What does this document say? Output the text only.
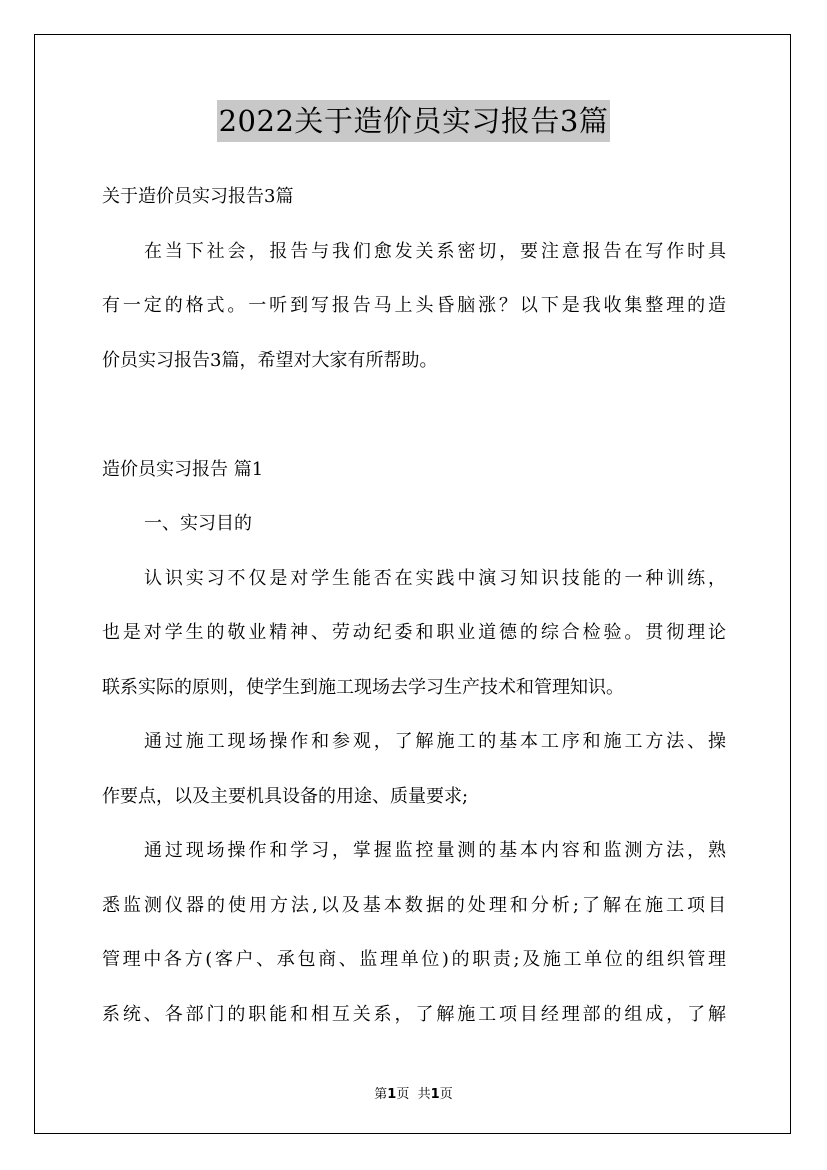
2022关于造价员实习报告3篇
关于造价员实习报告3篇
在当下社会，报告与我们愈发关系密切，要注意报告在写作时具
有一定的格式。一听到写报告马上头昏脑涨？以下是我收集整理的造
价员实习报告3篇，希望对大家有所帮助。
造价员实习报告 篇1
一、实习目的
认识实习不仅是对学生能否在实践中演习知识技能的一种训练，
也是对学生的敬业精神、劳动纪委和职业道德的综合检验。贯彻理论
联系实际的原则，使学生到施工现场去学习生产技术和管理知识。
通过施工现场操作和参观，了解施工的基本工序和施工方法、操
作要点，以及主要机具设备的用途、质量要求;
通过现场操作和学习，掌握监控量测的基本内容和监测方法，熟
悉监测仪器的使用方法,以及基本数据的处理和分析;了解在施工项目
管理中各方(客户、承包商、监理单位)的职责;及施工单位的组织管理
系统、各部门的职能和相互关系，了解施工项目经理部的组成，了解
第1页 共1页
